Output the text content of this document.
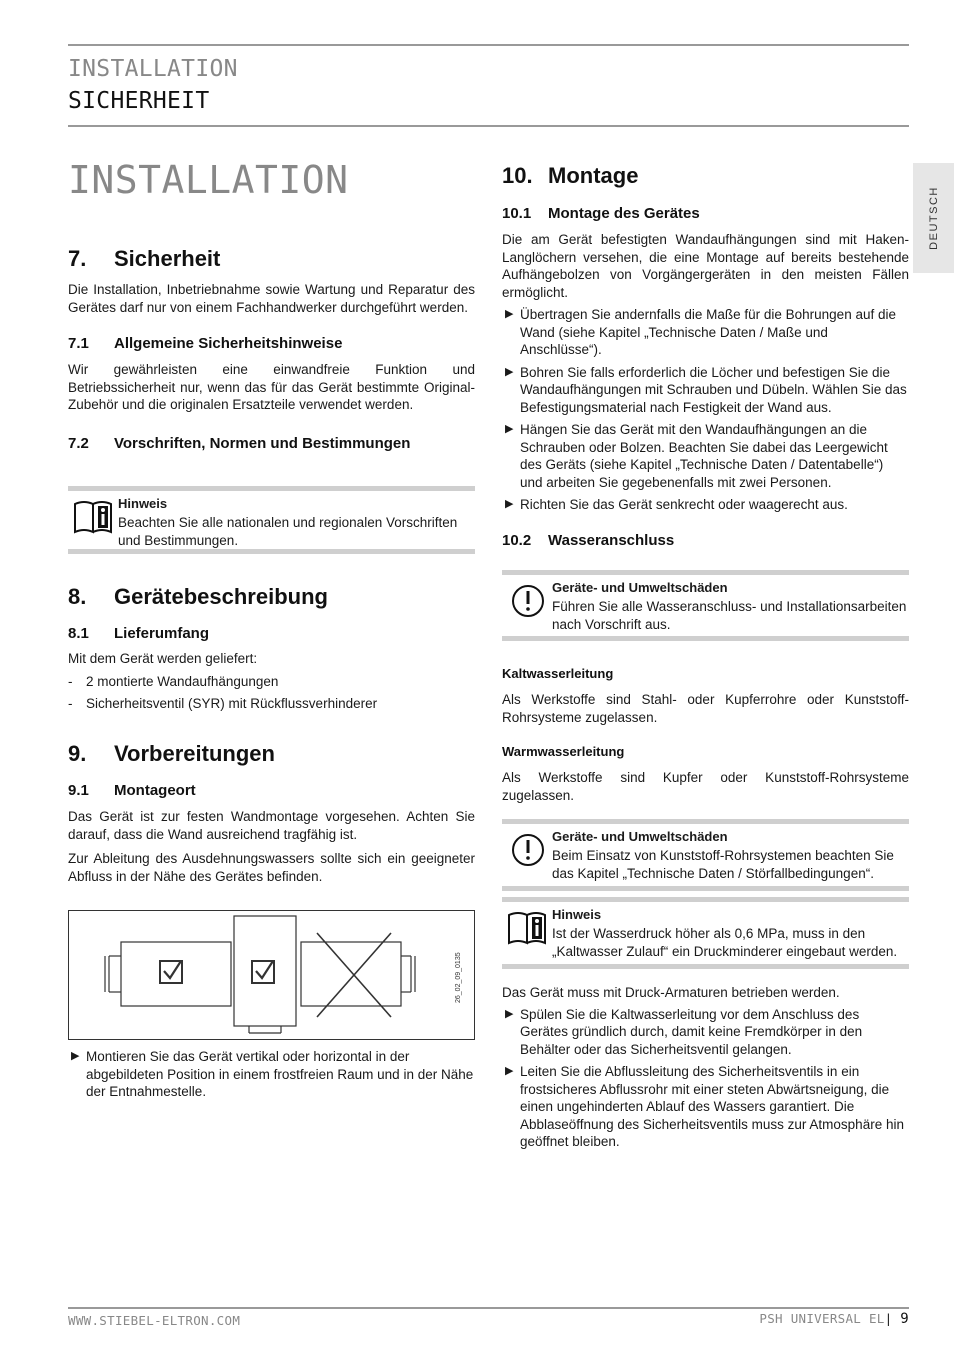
INSTALLATION
SICHERHEIT
INSTALLATION
DEUTSCH
7.	Sicherheit

Die Installation, Inbetriebnahme sowie Wartung und Reparatur des Gerätes darf nur von einem Fachhandwerker durchgeführt werden.

7.1	Allgemeine Sicherheitshinweise

Wir gewährleisten eine einwandfreie Funktion und Betriebssicherheit nur, wenn das für das Gerät bestimmte Original-Zubehör und die originalen Ersatzteile verwendet werden.

7.2	Vorschriften, Normen und Bestimmungen
Hinweis
Beachten Sie alle nationalen und regionalen Vorschriften und Bestimmungen.
8.	Gerätebeschreibung
8.1	Lieferumfang

Mit dem Gerät werden geliefert:

- 2 montierte Wandaufhängungen
- Sicherheitsventil (SYR) mit Rückflussverhinderer
9.	Vorbereitungen
9.1	Montageort

Das Gerät ist zur festen Wandmontage vorgesehen. Achten Sie darauf, dass die Wand ausreichend tragfähig ist.

Zur Ableitung des Ausdehnungswassers sollte sich ein geeigneter Abfluss in der Nähe des Gerätes befinden.

26_02_09_0135
▶ Montieren Sie das Gerät vertikal oder horizontal in der abgebildeten Position in einem frostfreien Raum und in der Nähe der Entnahmestelle.
10. Montage
10.1	Montage des Gerätes

Die am Gerät befestigten Wandaufhängungen sind mit Haken-Langlöchern versehen, die eine Montage auf bereits bestehende Aufhängebolzen von Vorgängergeräten in den meisten Fällen ermöglicht.

▶ Übertragen Sie andernfalls die Maße für die Bohrungen auf die Wand (siehe Kapitel „Technische Daten / Maße und Anschlüsse“).
▶ Bohren Sie falls erforderlich die Löcher und befestigen Sie die Wandaufhängungen mit Schrauben und Dübeln. Wählen Sie das Befestigungsmaterial nach Festigkeit der Wand aus.
▶ Hängen Sie das Gerät mit den Wandaufhängungen an die Schrauben oder Bolzen. Beachten Sie dabei das Leergewicht des Geräts (siehe Kapitel „Technische Daten / Datentabelle“) und arbeiten Sie gegebenenfalls mit zwei Personen.
▶ Richten Sie das Gerät senkrecht oder waagerecht aus.
10.2	Wasseranschluss
Geräte- und Umweltschäden
Führen Sie alle Wasseranschluss- und Installationsarbeiten nach Vorschrift aus.
Kaltwasserleitung

Als Werkstoffe sind Stahl- oder Kupferrohre oder Kunststoff-Rohrsysteme zugelassen.

Warmwasserleitung

Als Werkstoffe sind Kupfer oder Kunststoff-Rohrsysteme zugelassen.

Geräte- und Umweltschäden
Beim Einsatz von Kunststoff-Rohrsystemen beachten Sie das Kapitel „Technische Daten / Störfallbedingungen“.
Hinweis
Ist der Wasserdruck höher als 0,6 MPa, muss in den „Kaltwasser Zulauf“ ein Druckminderer eingebaut werden.

Das Gerät muss mit Druck-Armaturen betrieben werden.

▶ Spülen Sie die Kaltwasserleitung vor dem Anschluss des Gerätes gründlich durch, damit keine Fremdkörper in den Behälter oder das Sicherheitsventil gelangen.
▶ Leiten Sie die Abflussleitung des Sicherheitsventils in ein frostsicheres Abflussrohr mit einer steten Abwärtsneigung, die einen ungehinderten Ablauf des Wassers garantiert. Die Abblaseöffnung des Sicherheitsventils muss zur Atmosphäre hin geöffnet bleiben.
WWW.STIEBEL-ELTRON.COM	PSH UNIVERSAL EL| 9
